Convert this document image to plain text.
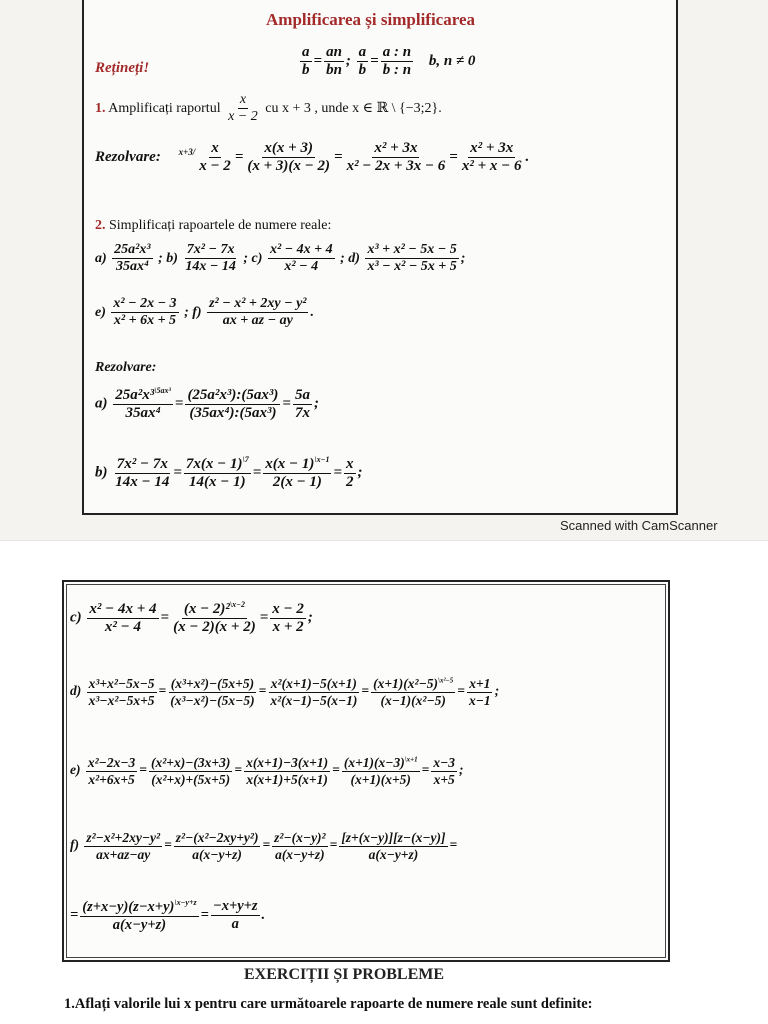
Amplificarea și simplificarea
Rețineți!	$\frac{a}{b} = \frac{an}{bn}$ ; $\frac{a}{b} = \frac{a : n}{b : n} b$, n ≠ 0
1. Amplificați raportul $\frac{x}{x - 2}$ cu x + 3 , unde x ∈ ℝ \ {−3;2}.
Rezolvare: $^{x+3/} \frac{x}{x - 2} = \frac{x(x + 3)}{(x + 3)(x - 2)} = \frac{\text{x² + 3x}}{\text{x² − 2x + 3x − 6}} = \frac{\text{x² + 3x}}{\text{x² + x − 6}}$ .
2. Simplificați rapoartele de numere reale:
$a) \frac{\text{25a²x³}}{\text{35ax⁴}}$ ; $b) \frac{\text{7x² − 7x}}{14x - 14}$ ; $c) \frac{\text{x² − 4x + 4}}{\text{x² − 4}}$ ; $d) \frac{\text{x³ + x² − 5x − 5}}{\text{x³ − x² − 5x + 5}}$ ;
$e) \frac{\text{x² − 2x − 3}}{\text{x² + 6x + 5}}$ ; $f) \frac{\text{z² − x² + 2xy − y²}}{ax + az - ay}$ .
Rezolvare:
$a) \frac{25a^2x^3^{\backslash 5ax^3}}{\text{35ax⁴}} = \frac{\text{(25a²x³):(5ax³)}}{\text{(35ax⁴):(5ax³)}} = \frac{5a}{7x}$ ;
$b) \frac{\text{7x² − 7x}}{14x - 14} = \frac{7x(x - 1)^{\backslash 7}}{14(x - 1)} = \frac{x(x - 1)^{\backslash x-1}}{2(x - 1)} = \frac{x}{2}$ ;
Scanned with CamScanner
$c) \frac{\text{x² − 4x + 4}}{\text{x² − 4}} = \frac{(x - 2)^2^{\backslash x-2}}{(x - 2)(x + 2)} = \frac{x - 2}{x + 2}$ ;
$d) \frac{\text{x³+x²−5x−5}}{\text{x³−x²−5x+5}} = \frac{\text{(x³+x²)−(5x+5)}}{\text{(x³−x²)−(5x−5)}} = \frac{\text{x²(x+1)−5(x+1)}}{\text{x²(x−1)−5(x−1)}} = \frac{(x+1)(x^2-5)^{\backslash x^2-5}}{\text{(x−1)(x²−5)}} = \frac{x+1}{x-1}$ ;
$e) \frac{\text{x²−2x−3}}{\text{x²+6x+5}} = \frac{\text{(x²+x)−(3x+3)}}{\text{(x²+x)+(5x+5)}} = \frac{x(x+1)-3(x+1)}{x(x+1)+5(x+1)} = \frac{(x+1)(x-3)^{\backslash x+1}}{(x+1)(x+5)} = \frac{x-3}{x+5}$ ;
$f) \frac{\text{z²−x²+2xy−y²}}{ax+az-ay} = \frac{\text{z²−(x²−2xy+y²)}}{a(x-y+z)} = \frac{\text{z²−(x−y)²}}{a(x-y+z)} = \frac{[z+(x-y)][z-(x-y)]}{a(x-y+z)}$ =
= $\frac{(z+x-y)(z-x+y)^{\backslash x-y+z}}{a(x-y+z)} = \frac{-x+y+z}{a}$ .
EXERCIȚII ȘI PROBLEME
1.Aflați valorile lui x pentru care următoarele rapoarte de numere reale sunt definite:
